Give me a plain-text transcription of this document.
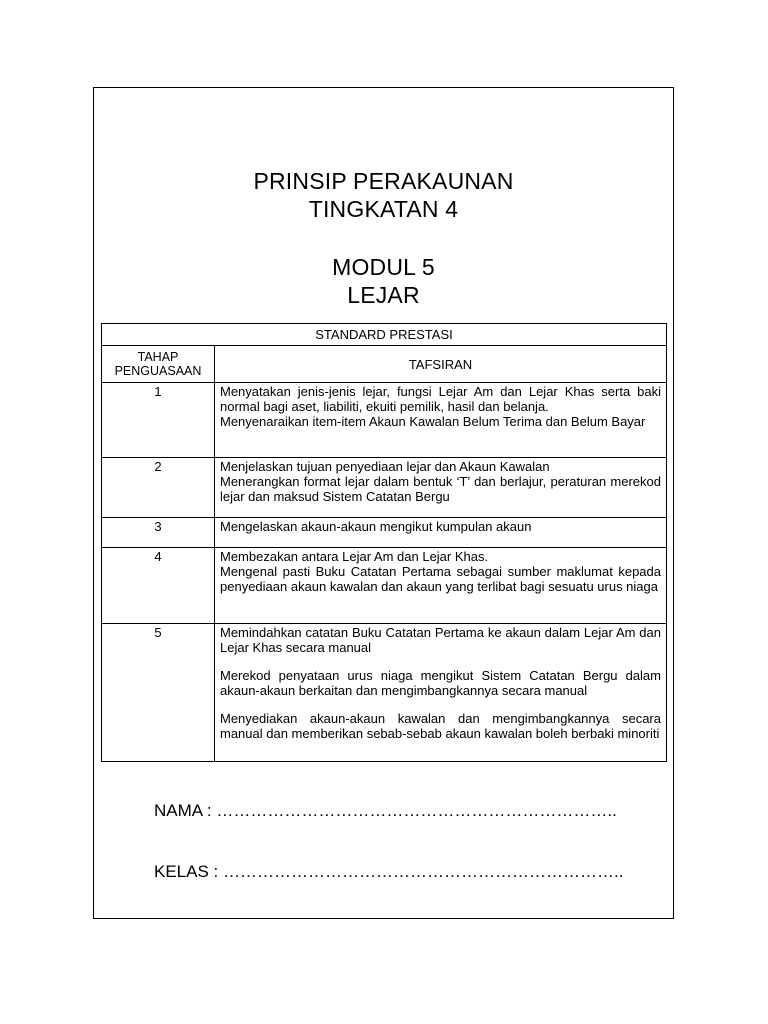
PRINSIP PERAKAUNAN
TINGKATAN 4
MODUL 5
LEJAR
STANDARD PRESTASI	
TAHAP PENGUASAAN	TAFSIRAN
1	Menyatakan jenis-jenis lejar, fungsi Lejar Am dan Lejar Khas serta baki normal bagi aset, liabiliti, ekuiti pemilik, hasil dan belanja.

Menyenaraikan item-item Akaun Kawalan Belum Terima dan Belum Bayar

2	Menjelaskan tujuan penyediaan lejar dan Akaun Kawalan

Menerangkan format lejar dalam bentuk ‘T’ dan berlajur, peraturan merekod lejar dan maksud Sistem Catatan Bergu

3	Mengelaskan akaun-akaun mengikut kumpulan akaun

4	Membezakan antara Lejar Am dan Lejar Khas.

Mengenal pasti Buku Catatan Pertama sebagai sumber maklumat kepada penyediaan akaun kawalan dan akaun yang terlibat bagi sesuatu urus niaga

5	Memindahkan catatan Buku Catatan Pertama ke akaun dalam Lejar Am dan Lejar Khas secara manual

Merekod penyataan urus niaga mengikut Sistem Catatan Bergu dalam akaun-akaun berkaitan dan mengimbangkannya secara manual

Menyediakan akaun-akaun kawalan dan mengimbangkannya secara manual dan memberikan sebab-sebab akaun kawalan boleh berbaki minoriti

NAMA : ……………………………………………………………..
KELAS : ……………………………………………………………..
